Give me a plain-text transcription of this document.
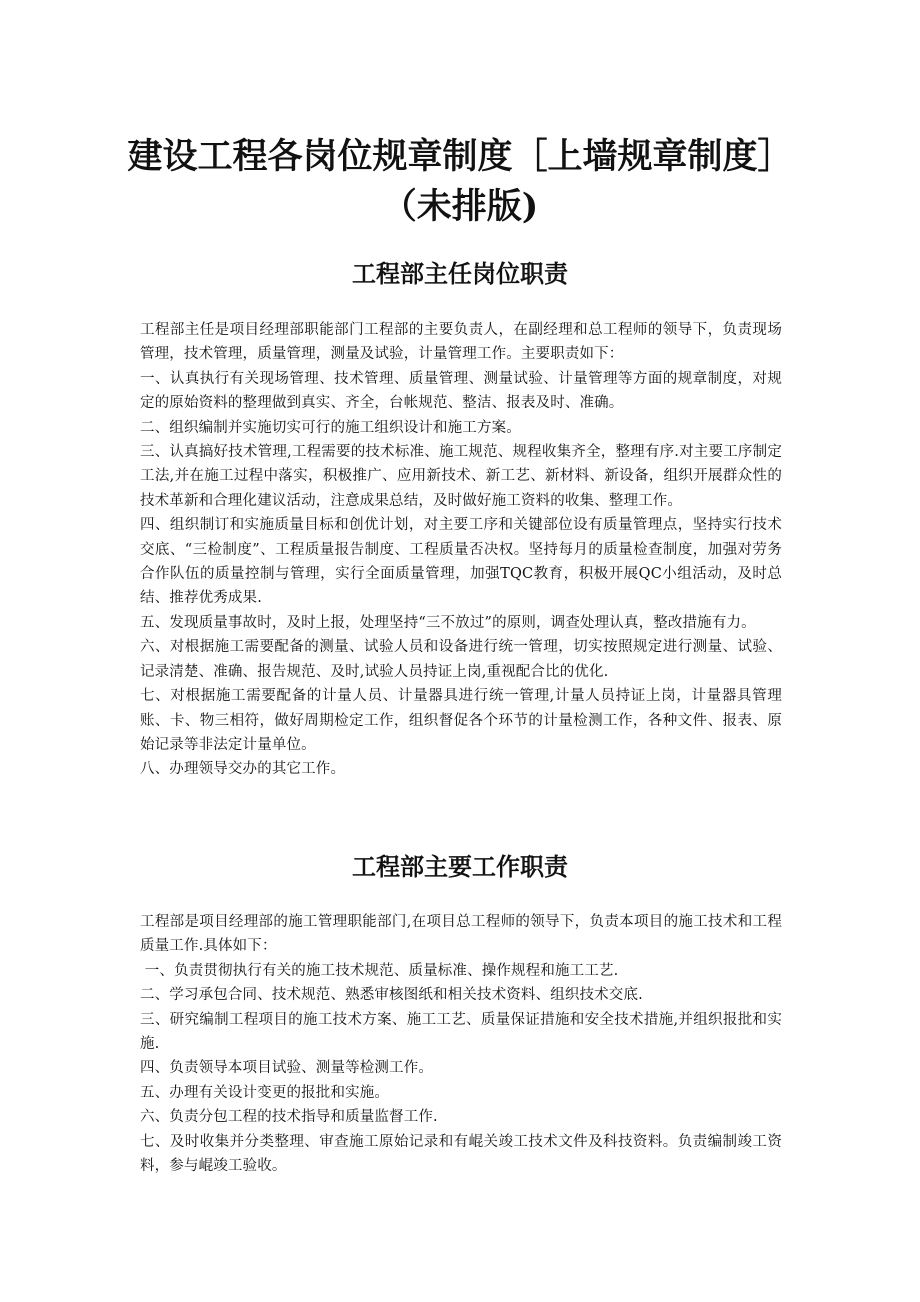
建设工程各岗位规章制度［上墙规章制度］
（未排版)
工程部主任岗位职责

工程部主任是项目经理部职能部门工程部的主要负责人，在副经理和总工程师的领导下，负责现场管理，技术管理，质量管理，测量及试验，计量管理工作。主要职责如下：

一、认真执行有关现场管理、技术管理、质量管理、测量试验、计量管理等方面的规章制度，对规定的原始资料的整理做到真实、齐全，台帐规范、整洁、报表及时、准确。

二、组织编制并实施切实可行的施工组织设计和施工方案。

三、认真搞好技术管理,工程需要的技术标准、施工规范、规程收集齐全，整理有序.对主要工序制定工法,并在施工过程中落实，积极推广、应用新技术、新工艺、新材料、新设备，组织开展群众性的技术革新和合理化建议活动，注意成果总结，及时做好施工资料的收集、整理工作。

四、组织制订和实施质量目标和创优计划，对主要工序和关键部位设有质量管理点，坚持实行技术交底、“三检制度”、工程质量报告制度、工程质量否决权。坚持每月的质量检查制度，加强对劳务合作队伍的质量控制与管理，实行全面质量管理，加强TQC教育，积极开展QC小组活动，及时总结、推荐优秀成果.

五、发现质量事故时，及时上报，处理坚持“三不放过”的原则，调查处理认真，整改措施有力。

六、对根据施工需要配备的测量、试验人员和设备进行统一管理，切实按照规定进行测量、试验、记录清楚、准确、报告规范、及时,试验人员持证上岗,重视配合比的优化.

七、对根据施工需要配备的计量人员、计量器具进行统一管理,计量人员持证上岗，计量器具管理账、卡、物三相符，做好周期检定工作，组织督促各个环节的计量检测工作，各种文件、报表、原始记录等非法定计量单位。

八、办理领导交办的其它工作。

工程部主要工作职责

工程部是项目经理部的施工管理职能部门,在项目总工程师的领导下，负责本项目的施工技术和工程质量工作.具体如下：

一、负责贯彻执行有关的施工技术规范、质量标准、操作规程和施工工艺.

二、学习承包合同、技术规范、熟悉审核图纸和相关技术资料、组织技术交底.

三、研究编制工程项目的施工技术方案、施工工艺、质量保证措施和安全技术措施,并组织报批和实施.

四、负责领导本项目试验、测量等检测工作。

五、办理有关设计变更的报批和实施。

六、负责分包工程的技术指导和质量监督工作.

七、及时收集并分类整理、审查施工原始记录和有崐关竣工技术文件及科技资料。负责编制竣工资料，参与崐竣工验收。
